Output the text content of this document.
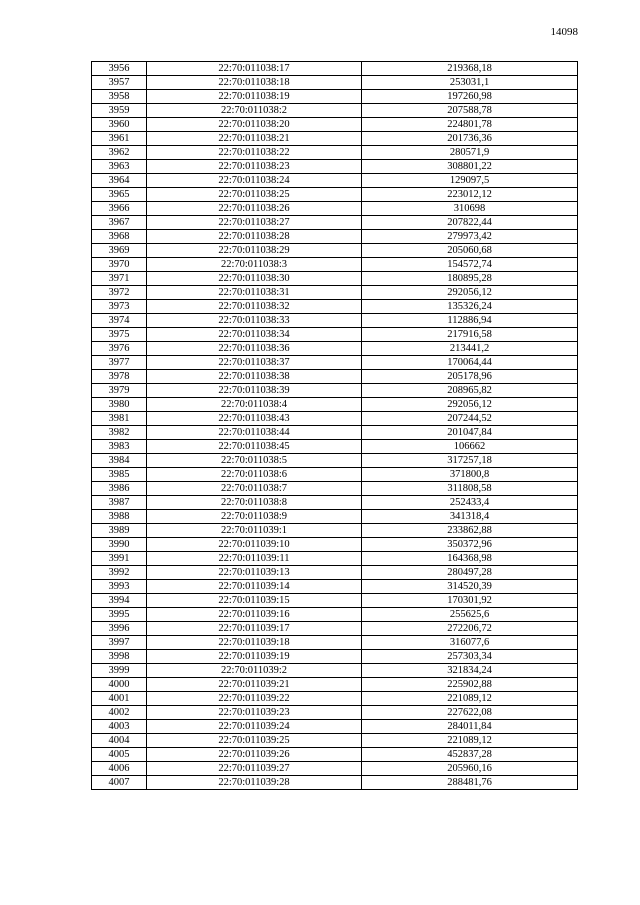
14098
3956	22:70:011038:17	219368,18
3957	22:70:011038:18	253031,1
3958	22:70:011038:19	197260,98
3959	22:70:011038:2	207588,78
3960	22:70:011038:20	224801,78
3961	22:70:011038:21	201736,36
3962	22:70:011038:22	280571,9
3963	22:70:011038:23	308801,22
3964	22:70:011038:24	129097,5
3965	22:70:011038:25	223012,12
3966	22:70:011038:26	310698
3967	22:70:011038:27	207822,44
3968	22:70:011038:28	279973,42
3969	22:70:011038:29	205060,68
3970	22:70:011038:3	154572,74
3971	22:70:011038:30	180895,28
3972	22:70:011038:31	292056,12
3973	22:70:011038:32	135326,24
3974	22:70:011038:33	112886,94
3975	22:70:011038:34	217916,58
3976	22:70:011038:36	213441,2
3977	22:70:011038:37	170064,44
3978	22:70:011038:38	205178,96
3979	22:70:011038:39	208965,82
3980	22:70:011038:4	292056,12
3981	22:70:011038:43	207244,52
3982	22:70:011038:44	201047,84
3983	22:70:011038:45	106662
3984	22:70:011038:5	317257,18
3985	22:70:011038:6	371800,8
3986	22:70:011038:7	311808,58
3987	22:70:011038:8	252433,4
3988	22:70:011038:9	341318,4
3989	22:70:011039:1	233862,88
3990	22:70:011039:10	350372,96
3991	22:70:011039:11	164368,98
3992	22:70:011039:13	280497,28
3993	22:70:011039:14	314520,39
3994	22:70:011039:15	170301,92
3995	22:70:011039:16	255625,6
3996	22:70:011039:17	272206,72
3997	22:70:011039:18	316077,6
3998	22:70:011039:19	257303,34
3999	22:70:011039:2	321834,24
4000	22:70:011039:21	225902,88
4001	22:70:011039:22	221089,12
4002	22:70:011039:23	227622,08
4003	22:70:011039:24	284011,84
4004	22:70:011039:25	221089,12
4005	22:70:011039:26	452837,28
4006	22:70:011039:27	205960,16
4007	22:70:011039:28	288481,76
